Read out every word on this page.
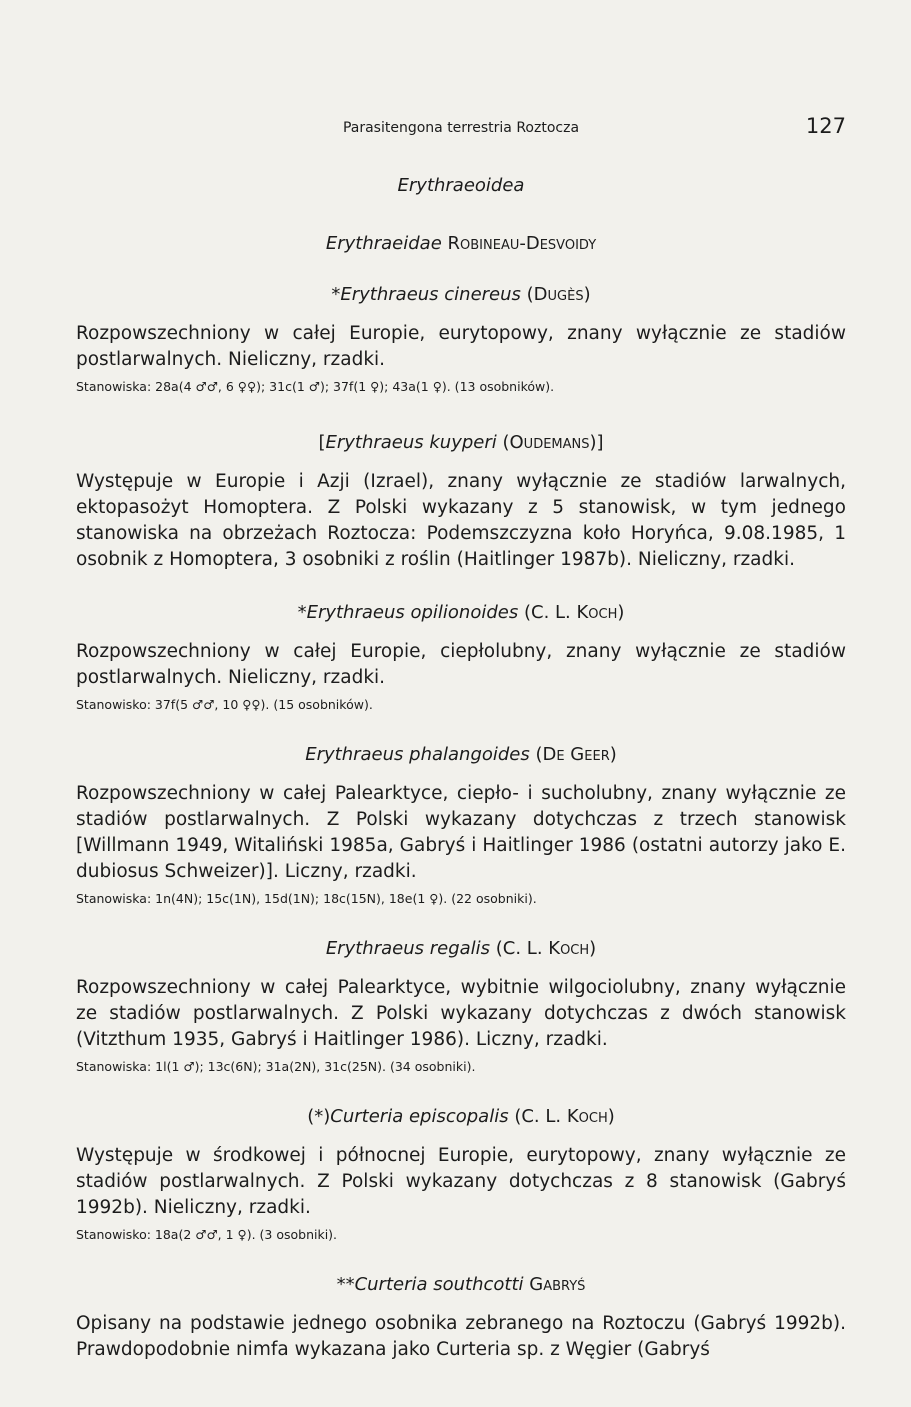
Parasitengona terrestria Roztocza	127

Erythraeoidea

Erythraeidae Robineau-Desvoidy

*Erythraeus cinereus (Dugès)

Rozpowszechniony w całej Europie, eurytopowy, znany wyłącznie ze stadiów postlarwalnych. Nieliczny, rzadki.

Stanowiska: 28a(4 ♂♂, 6 ♀♀); 31c(1 ♂); 37f(1 ♀); 43a(1 ♀). (13 osobników).

[Erythraeus kuyperi (Oudemans)]

Występuje w Europie i Azji (Izrael), znany wyłącznie ze stadiów larwalnych, ektopasożyt Homoptera. Z Polski wykazany z 5 stanowisk, w tym jednego stanowiska na obrzeżach Roztocza: Podemszczyzna koło Horyńca, 9.08.1985, 1 osobnik z Homoptera, 3 osobniki z roślin (Haitlinger 1987b). Nieliczny, rzadki.

*Erythraeus opilionoides (C. L. Koch)

Rozpowszechniony w całej Europie, ciepłolubny, znany wyłącznie ze stadiów postlarwalnych. Nieliczny, rzadki.

Stanowisko: 37f(5 ♂♂, 10 ♀♀). (15 osobników).

Erythraeus phalangoides (De Geer)

Rozpowszechniony w całej Palearktyce, ciepło- i sucholubny, znany wyłącznie ze stadiów postlarwalnych. Z Polski wykazany dotychczas z trzech stanowisk [Willmann 1949, Witaliński 1985a, Gabryś i Haitlinger 1986 (ostatni autorzy jako E. dubiosus Schweizer)]. Liczny, rzadki.

Stanowiska: 1n(4N); 15c(1N), 15d(1N); 18c(15N), 18e(1 ♀). (22 osobniki).

Erythraeus regalis (C. L. Koch)

Rozpowszechniony w całej Palearktyce, wybitnie wilgociolubny, znany wyłącznie ze stadiów postlarwalnych. Z Polski wykazany dotychczas z dwóch stanowisk (Vitzthum 1935, Gabryś i Haitlinger 1986). Liczny, rzadki.

Stanowiska: 1l(1 ♂); 13c(6N); 31a(2N), 31c(25N). (34 osobniki).

(*)Curteria episcopalis (C. L. Koch)

Występuje w środkowej i północnej Europie, eurytopowy, znany wyłącznie ze stadiów postlarwalnych. Z Polski wykazany dotychczas z 8 stanowisk (Gabryś 1992b). Nieliczny, rzadki.

Stanowisko: 18a(2 ♂♂, 1 ♀). (3 osobniki).

**Curteria southcotti Gabryś

Opisany na podstawie jednego osobnika zebranego na Roztoczu (Gabryś 1992b). Prawdopodobnie nimfa wykazana jako Curteria sp. z Węgier (Gabryś
